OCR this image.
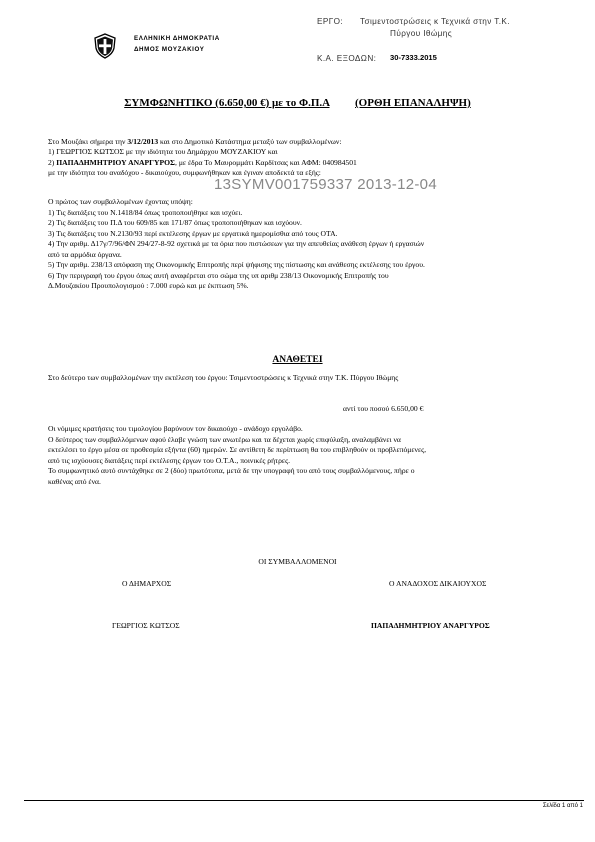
ΕΛΛΗΝΙΚΗ ΔΗΜΟΚΡΑΤΙΑ
ΔΗΜΟΣ ΜΟΥΖΑΚΙΟΥ
ΕΡΓΟ: Τσιμεντοστρώσεις κ Τεχνικά στην Τ.Κ.
Πύργου Ιθώμης
Κ.Α. ΕΞΟΔΩΝ: 30-7333.2015
ΣΥΜΦΩΝΗΤΙΚΟ (6.650,00 €) με το Φ.Π.Α (ΟΡΘΗ ΕΠΑΝΑΛΗΨΗ)
Στο Μουζάκι σήμερα την 3/12/2013 και στο Δημοτικό Κατάστημα μεταξύ των συμβαλλομένων:
1) ΓΕΩΡΓΙΟΣ ΚΩΤΣΟΣ με την ιδιότητα του Δημάρχου ΜΟΥΖΑΚΙΟΥ και
2) ΠΑΠΑΔΗΜΗΤΡΙΟΥ ΑΝΑΡΓΥΡΟΣ, με έδρα Το Μαυρομμάτι Καρδίτσας και ΑΦΜ: 040984501
με την ιδιότητα του αναδόχου - δικαιούχου, συμφωνήθηκαν και έγιναν αποδεκτά τα εξής:
13SYMV001759337 2013-12-04
Ο πρώτος των συμβαλλομένων έχοντας υπόψη:
1) Τις διατάξεις του Ν.1418/84 όπως τροποποιήθηκε και ισχύει.
2) Τις διατάξεις του Π.Δ του 609/85 και 171/87 όπως τροποποιήθηκαν και ισχύουν.
3) Τις διατάξεις του Ν.2130/93 περί εκτέλεσης έργων με εργατικά ημερομίσθια από τους ΟΤΑ.
4) Την αριθμ. Δ17γ/7/96/ΦΝ 294/27-8-92 σχετικά με τα όρια που πιστώσεων για την απευθείας ανάθεση έργων ή εργασιών
από τα αρμόδια όργανα.
5) Την αριθμ. 238/13 απόφαση της Οικονομικής Επιτροπής περί ψήφισης της πίστωσης και ανάθεσης εκτέλεσης του έργου.
6) Την περιγραφή του έργου όπως αυτή αναφέρεται στο σώμα της υπ αριθμ 238/13 Οικονομικής Επιτροπής του
Δ.Μουζακίου Προυπολογισμού : 7.000 ευρώ και με έκπτωση 5%.
ΑΝΑΘΕΤΕΙ
Στο δεύτερο των συμβαλλομένων την εκτέλεση του έργου: Τσιμεντοστρώσεις κ Τεχνικά στην Τ.Κ. Πύργου Ιθώμης
αντί του ποσού 6.650,00 €
Οι νόμιμες κρατήσεις του τιμολογίου βαρύνουν τον δικαιούχο - ανάδοχο εργολάβο.
Ο δεύτερος των συμβαλλόμενων αφού έλαβε γνώση των ανωτέρω και τα δέχεται χωρίς επιφύλαξη, αναλαμβάνει να
εκτελέσει το έργο μέσα σε προθεσμία εξήντα (60) ημερών. Σε αντίθετη δε περίπτωση θα του επιβληθούν οι προβλεπόμενες,
από τις ισχύουσες διατάξεις περί εκτέλεσης έργων του Ο.Τ.Α., ποινικές ρήτρες.
Το συμφωνητικό αυτό συντάχθηκε σε 2 (δύο) πρωτότυπα, μετά δε την υπογραφή του από τους συμβαλλόμενους, πήρε ο
καθένας από ένα.
ΟΙ ΣΥΜΒΑΛΛΟΜΕΝΟΙ
Ο ΔΗΜΑΡΧΟΣ	Ο ΑΝΑΔΟΧΟΣ ΔΙΚΑΙΟΥΧΟΣ
ΓΕΩΡΓΙΟΣ ΚΩΤΣΟΣ	ΠΑΠΑΔΗΜΗΤΡΙΟΥ ΑΝΑΡΓΥΡΟΣ
Σελίδα 1 από 1
